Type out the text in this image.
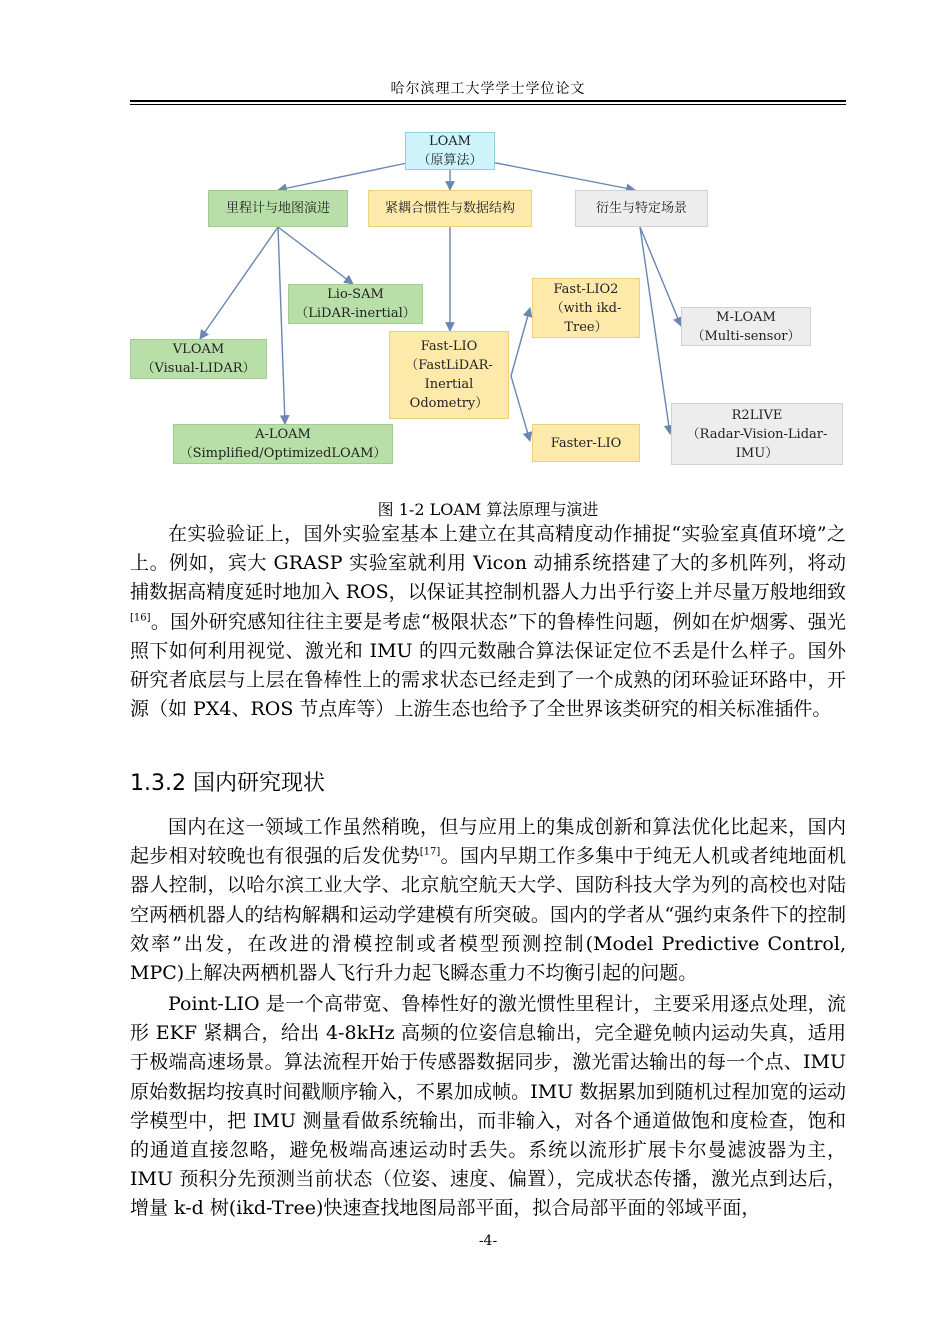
哈尔滨理工大学学士学位论文
LOAM
（原算法）
里程计与地图演进	紧耦合惯性与数据结构	衍生与特定场景
Lio-SAM
（LiDAR-inertial）
VLOAM
（Visual-LIDAR）
A-LOAM
（Simplified/OptimizedLOAM）
Fast-LIO
（FastLiDAR-
Inertial
Odometry）
Fast-LIO2
（with ikd-
Tree）
Faster-LIO
M-LOAM
（Multi-sensor）
R2LIVE
（Radar-Vision-Lidar-
IMU）
图 1-2 LOAM 算法原理与演进

在实验验证上，国外实验室基本上建立在其高精度动作捕捉“实验室真值环境”之上。例如，宾大 GRASP 实验室就利用 Vicon 动捕系统搭建了大的多机阵列，将动捕数据高精度延时地加入 ROS，以保证其控制机器人力出乎行姿上并尽量万般地细致[16]。国外研究感知往往主要是考虑“极限状态”下的鲁棒性问题，例如在炉烟雾、强光照下如何利用视觉、激光和 IMU 的四元数融合算法保证定位不丢是什么样子。国外研究者底层与上层在鲁棒性上的需求状态已经走到了一个成熟的闭环验证环路中，开源（如 PX4、ROS 节点库等）上游生态也给予了全世界该类研究的相关标准插件。

1.3.2 国内研究现状

国内在这一领域工作虽然稍晚，但与应用上的集成创新和算法优化比起来，国内起步相对较晚也有很强的后发优势[17]。国内早期工作多集中于纯无人机或者纯地面机器人控制，以哈尔滨工业大学、北京航空航天大学、国防科技大学为列的高校也对陆空两栖机器人的结构解耦和运动学建模有所突破。国内的学者从“强约束条件下的控制效率”出发，在改进的滑模控制或者模型预测控制(Model Predictive Control, MPC)上解决两栖机器人飞行升力起飞瞬态重力不均衡引起的问题。

Point-LIO 是一个高带宽、鲁棒性好的激光惯性里程计，主要采用逐点处理，流形 EKF 紧耦合，给出 4-8kHz 高频的位姿信息输出，完全避免帧内运动失真，适用于极端高速场景。算法流程开始于传感器数据同步，激光雷达输出的每一个点、IMU 原始数据均按真时间戳顺序输入，不累加成帧。IMU 数据累加到随机过程加宽的运动学模型中，把 IMU 测量看做系统输出，而非输入，对各个通道做饱和度检查，饱和的通道直接忽略，避免极端高速运动时丢失。系统以流形扩展卡尔曼滤波器为主，IMU 预积分先预测当前状态（位姿、速度、偏置），完成状态传播，激光点到达后，增量 k-d 树(ikd-Tree)快速查找地图局部平面，拟合局部平面的邻域平面，

-4-
